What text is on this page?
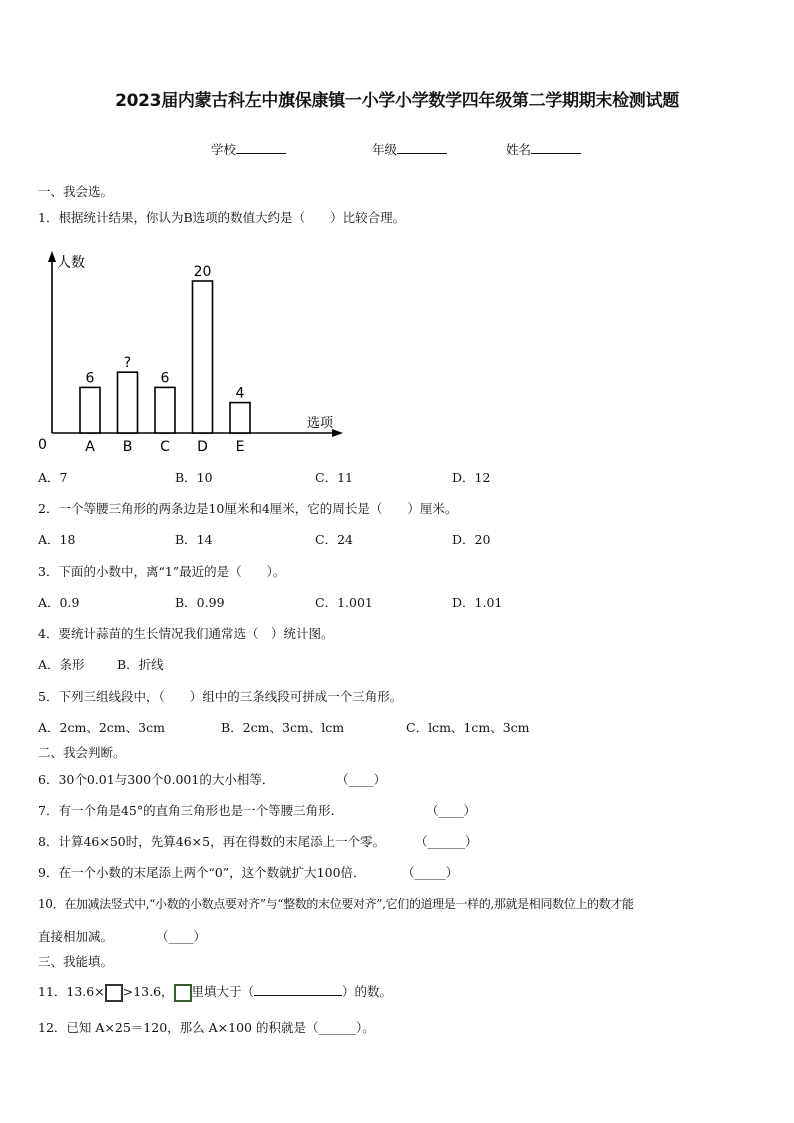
2023届内蒙古科左中旗保康镇一小学小学数学四年级第二学期期末检测试题
学校	年级	姓名
一、我会选。
1．根据统计结果，你认为B选项的数值大约是（　　）比较合理。
人数
选项
0
6
A
?
B
6
C
20
D
4
E
A．7	B．10	C．11	D．12
2．一个等腰三角形的两条边是10厘米和4厘米，它的周长是（　　）厘米。
A．18	B．14	C．24	D．20
3．下面的小数中，离“1”最近的是（　　）。
A．0.9	B．0.99	C．1.001	D．1.01
4．要统计蒜苗的生长情况我们通常选（　）统计图。
A．条形	B．折线
5．下列三组线段中，（　　）组中的三条线段可拼成一个三角形。
A．2cm、2cm、3cm	B．2cm、3cm、lcm	C．lcm、1cm、3cm
二、我会判断。
6．30个0.01与300个0.001的大小相等．	（____）
7．有一个角是45°的直角三角形也是一个等腰三角形．	（____）
8．计算46×50时，先算46×5，再在得数的末尾添上一个零。 （______）
9．在一个小数的末尾添上两个“0”，这个数就扩大100倍．	（_____）
10．在加减法竖式中,“小数的小数点要对齐”与“整数的末位要对齐”,它们的道理是一样的,那就是相同数位上的数才能
直接相加减。	（____）
三、我能填。
11．13.6× >13.6， 里填大于（	）的数。
12．已知 A×25＝120，那么 A×100 的积就是（______）。
